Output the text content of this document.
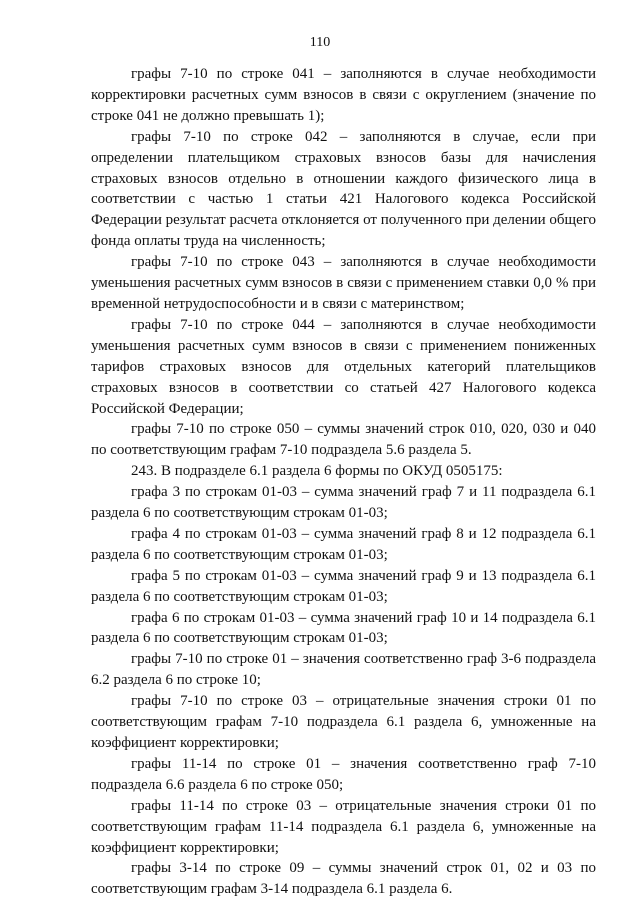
110

графы 7-10 по строке 041 – заполняются в случае необходимости корректировки расчетных сумм взносов в связи с округлением (значение по строке 041 не должно превышать 1);

графы 7-10 по строке 042 – заполняются в случае, если при определении плательщиком страховых взносов базы для начисления страховых взносов отдельно в отношении каждого физического лица в соответствии с частью 1 статьи 421 Налогового кодекса Российской Федерации результат расчета отклоняется от полученного при делении общего фонда оплаты труда на численность;

графы 7-10 по строке 043 – заполняются в случае необходимости уменьшения расчетных сумм взносов в связи с применением ставки 0,0 % при временной нетрудоспособности и в связи с материнством;

графы 7-10 по строке 044 – заполняются в случае необходимости уменьшения расчетных сумм взносов в связи с применением пониженных тарифов страховых взносов для отдельных категорий плательщиков страховых взносов в соответствии со статьей 427 Налогового кодекса Российской Федерации;

графы 7-10 по строке 050 – суммы значений строк 010, 020, 030 и 040 по соответствующим графам 7-10 подраздела 5.6 раздела 5.

243. В подразделе 6.1 раздела 6 формы по ОКУД 0505175:

графа 3 по строкам 01-03 – сумма значений граф 7 и 11 подраздела 6.1 раздела 6 по соответствующим строкам 01-03;

графа 4 по строкам 01-03 – сумма значений граф 8 и 12 подраздела 6.1 раздела 6 по соответствующим строкам 01-03;

графа 5 по строкам 01-03 – сумма значений граф 9 и 13 подраздела 6.1 раздела 6 по соответствующим строкам 01-03;

графа 6 по строкам 01-03 – сумма значений граф 10 и 14 подраздела 6.1 раздела 6 по соответствующим строкам 01-03;

графы 7-10 по строке 01 – значения соответственно граф 3-6 подраздела 6.2 раздела 6 по строке 10;

графы 7-10 по строке 03 – отрицательные значения строки 01 по соответствующим графам 7-10 подраздела 6.1 раздела 6, умноженные на коэффициент корректировки;

графы 11-14 по строке 01 – значения соответственно граф 7-10 подраздела 6.6 раздела 6 по строке 050;

графы 11-14 по строке 03 – отрицательные значения строки 01 по соответствующим графам 11-14 подраздела 6.1 раздела 6, умноженные на коэффициент корректировки;

графы 3-14 по строке 09 – суммы значений строк 01, 02 и 03 по соответствующим графам 3-14 подраздела 6.1 раздела 6.
